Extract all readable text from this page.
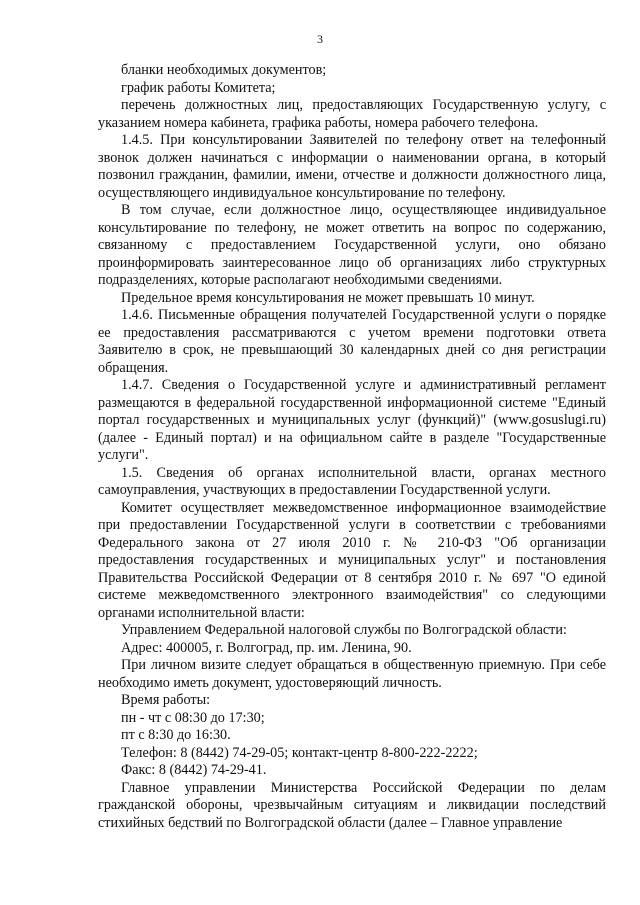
3

бланки необходимых документов;

график работы Комитета;

перечень должностных лиц, предоставляющих Государственную услугу, с указанием номера кабинета, графика работы, номера рабочего телефона.

1.4.5. При консультировании Заявителей по телефону ответ на телефонный звонок должен начинаться с информации о наименовании органа, в который позвонил гражданин, фамилии, имени, отчестве и должности должностного лица, осуществляющего индивидуальное консультирование по телефону.

В том случае, если должностное лицо, осуществляющее индивидуальное консультирование по телефону, не может ответить на вопрос по содержанию, связанному с предоставлением Государственной услуги, оно обязано проинформировать заинтересованное лицо об организациях либо структурных подразделениях, которые располагают необходимыми сведениями.

Предельное время консультирования не может превышать 10 минут.

1.4.6. Письменные обращения получателей Государственной услуги о порядке ее предоставления рассматриваются с учетом времени подготовки ответа Заявителю в срок, не превышающий 30 календарных дней со дня регистрации обращения.

1.4.7. Сведения о Государственной услуге и административный регламент размещаются в федеральной государственной информационной системе "Единый портал государственных и муниципальных услуг (функций)" (www.gosuslugi.ru) (далее - Единый портал) и на официальном сайте в разделе "Государственные услуги".

1.5. Сведения об органах исполнительной власти, органах местного самоуправления, участвующих в предоставлении Государственной услуги.

Комитет осуществляет межведомственное информационное взаимодействие при предоставлении Государственной услуги в соответствии с требованиями Федерального закона от 27 июля 2010 г. № 210-ФЗ "Об организации предоставления государственных и муниципальных услуг" и постановления Правительства Российской Федерации от 8 сентября 2010 г. № 697 "О единой системе межведомственного электронного взаимодействия" со следующими органами исполнительной власти:

Управлением Федеральной налоговой службы по Волгоградской области:

Адрес: 400005, г. Волгоград, пр. им. Ленина, 90.

При личном визите следует обращаться в общественную приемную. При себе необходимо иметь документ, удостоверяющий личность.

Время работы:

пн - чт с 08:30 до 17:30;

пт с 8:30 до 16:30.

Телефон: 8 (8442) 74-29-05; контакт-центр 8-800-222-2222;

Факс: 8 (8442) 74-29-41.

Главное управлении Министерства Российской Федерации по делам гражданской обороны, чрезвычайным ситуациям и ликвидации последствий стихийных бедствий по Волгоградской области (далее – Главное управление
